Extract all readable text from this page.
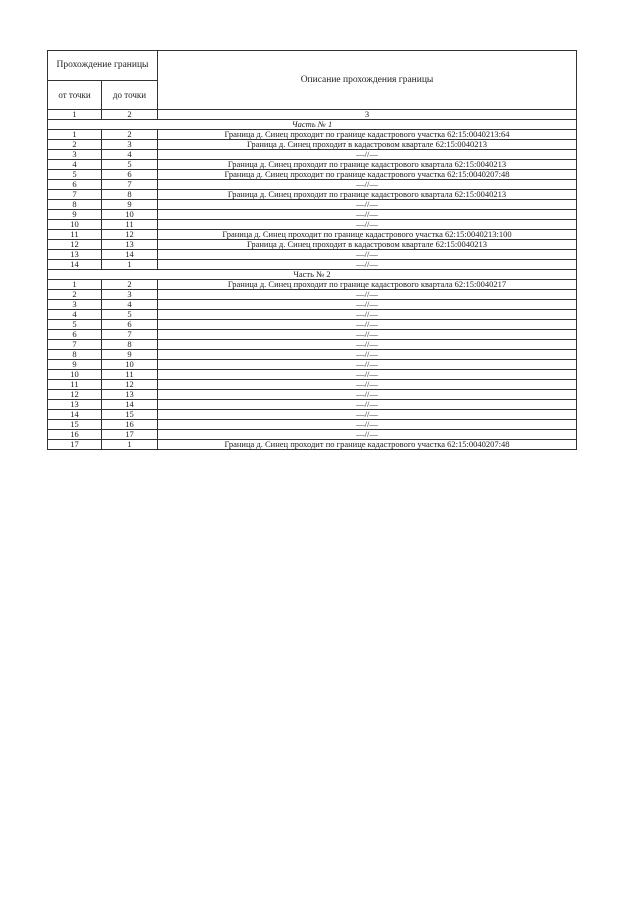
Прохождение границы		Описание прохождения границы
от точки	до точки	
1	2	3
Часть № 1		
1	2	Граница д. Синец проходит по границе кадастрового участка 62:15:0040213:64
2	3	Граница д. Синец проходит в кадастровом квартале 62:15:0040213
3	4	—//—
4	5	Граница д. Синец проходит по границе кадастрового квартала 62:15:0040213
5	6	Граница д. Синец проходит по границе кадастрового участка 62:15:0040207:48
6	7	—//—
7	8	Граница д. Синец проходит по границе кадастрового квартала 62:15:0040213
8	9	—//—
9	10	—//—
10	11	—//—
11	12	Граница д. Синец проходит по границе кадастрового участка 62:15:0040213:100
12	13	Граница д. Синец проходит в кадастровом квартале 62:15:0040213
13	14	—//—
14	1	—//—
Часть № 2		
1	2	Граница д. Синец проходит по границе кадастрового квартала 62:15:0040217
2	3	—//—
3	4	—//—
4	5	—//—
5	6	—//—
6	7	—//—
7	8	—//—
8	9	—//—
9	10	—//—
10	11	—//—
11	12	—//—
12	13	—//—
13	14	—//—
14	15	—//—
15	16	—//—
16	17	—//—
17	1	Граница д. Синец проходит по границе кадастрового участка 62:15:0040207:48
